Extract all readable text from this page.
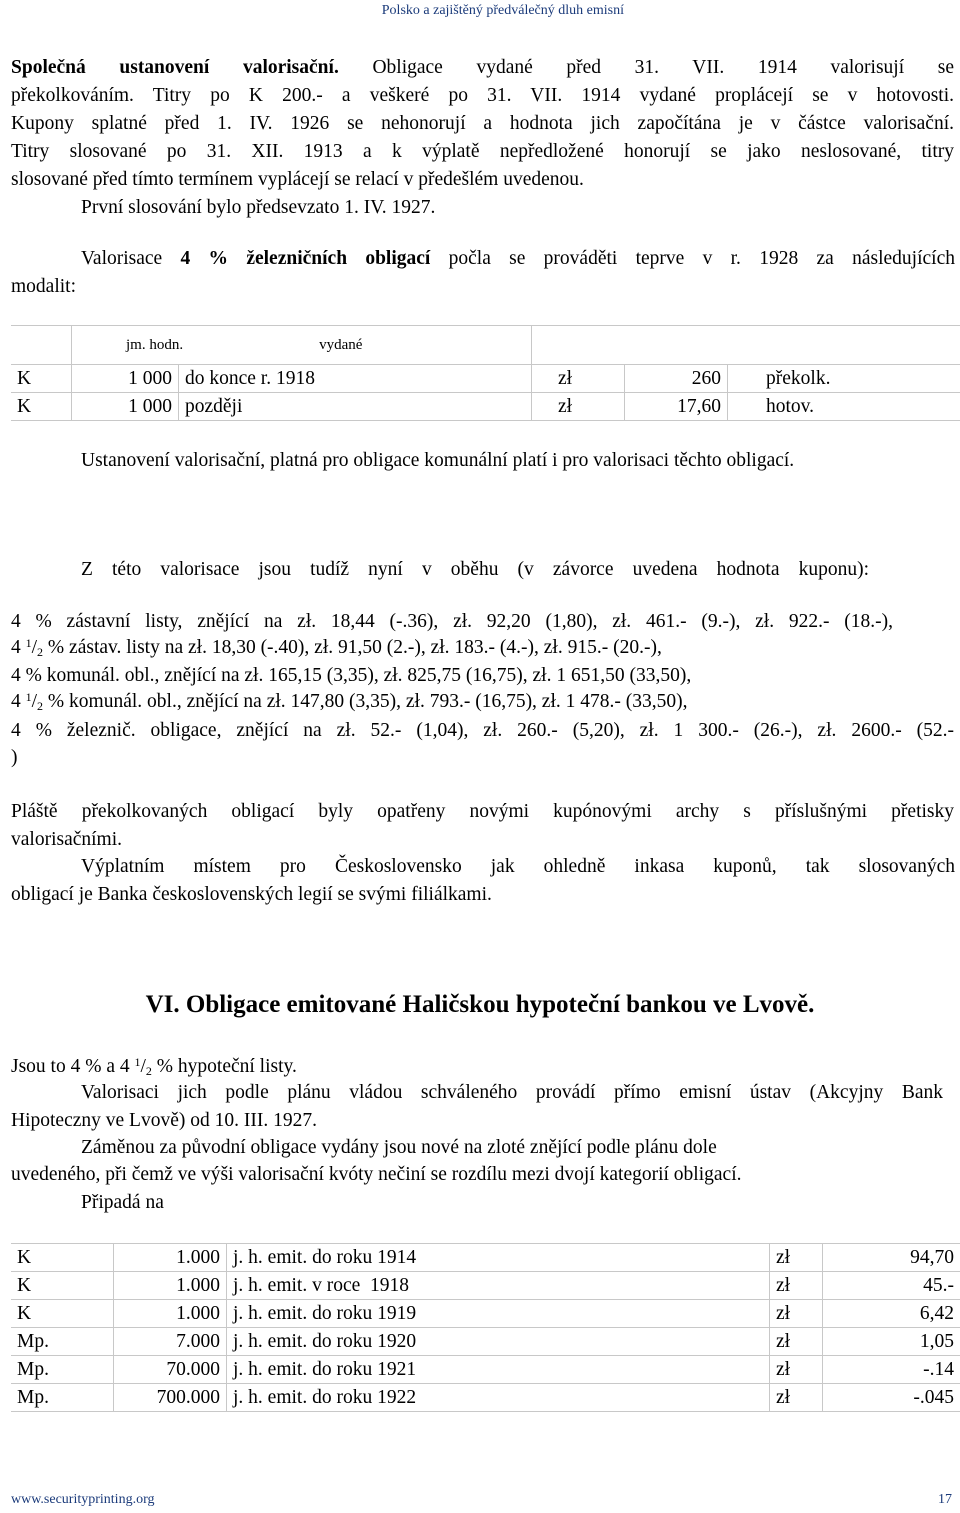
Polsko a zajištěný předválečný dluh emisní
Společná ustanovení valorisační. Obligace vydané před 31. VII. 1914 valorisují se
překolkováním. Titry po K 200.- a veškeré po 31. VII. 1914 vydané proplácejí se v hotovosti.
Kupony splatné před 1. IV. 1926 se nehonorují a hodnota jich započítána je v částce valorisační.
Titry slosované po 31. XII. 1913 a k výplatě nepředložené honorují se jako neslosované, titry
slosované před tímto termínem vyplácejí se relací v předešlém uvedenou.
První slosování bylo předsevzato 1. IV. 1927.
Valorisace 4 % železničních obligací počla se prováděti teprve v r. 1928 za následujících
modalit:
	jm. hodn. vydané				
K	1 000	do konce r. 1918	zł	260	překolk.
K	1 000	později	zł	17,60	hotov.
Ustanovení valorisační, platná pro obligace komunální platí i pro valorisaci těchto obligací.
Z této valorisace jsou tudíž nyní v oběhu (v závorce uvedena hodnota kuponu):
4 % zástavní listy, znějící na zł. 18,44 (-.36), zł. 92,20 (1,80), zł. 461.- (9.-), zł. 922.- (18.-),
4 $^1/_2$ % zástav. listy na zł. 18,30 (-.40), zł. 91,50 (2.-), zł. 183.- (4.-), zł. 915.- (20.-),
4 % komunál. obl., znějící na zł. 165,15 (3,35), zł. 825,75 (16,75), zł. 1 651,50 (33,50),
4 $^1/_2$ % komunál. obl., znějící na zł. 147,80 (3,35), zł. 793.- (16,75), zł. 1 478.- (33,50),
4 % železnič. obligace, znějící na zł. 52.- (1,04), zł. 260.- (5,20), zł. 1 300.- (26.-), zł. 2600.- (52.-
)
Pláště překolkovaných obligací byly opatřeny novými kupónovými archy s příslušnými přetisky
valorisačními.
Výplatním místem pro Československo jak ohledně inkasa kuponů, tak slosovaných
obligací je Banka československých legií se svými filiálkami.
VI. Obligace emitované Haličskou hypoteční bankou ve Lvově.
Jsou to 4 % a 4 $^1/_2$ % hypoteční listy.
Valorisaci jich podle plánu vládou schváleného provádí přímo emisní ústav (Akcyjny Bank
Hipoteczny ve Lvově) od 10. III. 1927.
Záměnou za původní obligace vydány jsou nové na zloté znějící podle plánu dole
uvedeného, při čemž ve výši valorisační kvóty nečiní se rozdílu mezi dvojí kategorií obligací.
Připadá na
K	1.000	j. h. emit. do roku 1914	zł	94,70
K	1.000	j. h. emit. v roce  1918	zł	45.-
K	1.000	j. h. emit. do roku 1919	zł	6,42
Mp.	7.000	j. h. emit. do roku 1920	zł	1,05
Mp.	70.000	j. h. emit. do roku 1921	zł	-.14
Mp.	700.000	j. h. emit. do roku 1922	zł	-.045
www.securityprinting.org	17
